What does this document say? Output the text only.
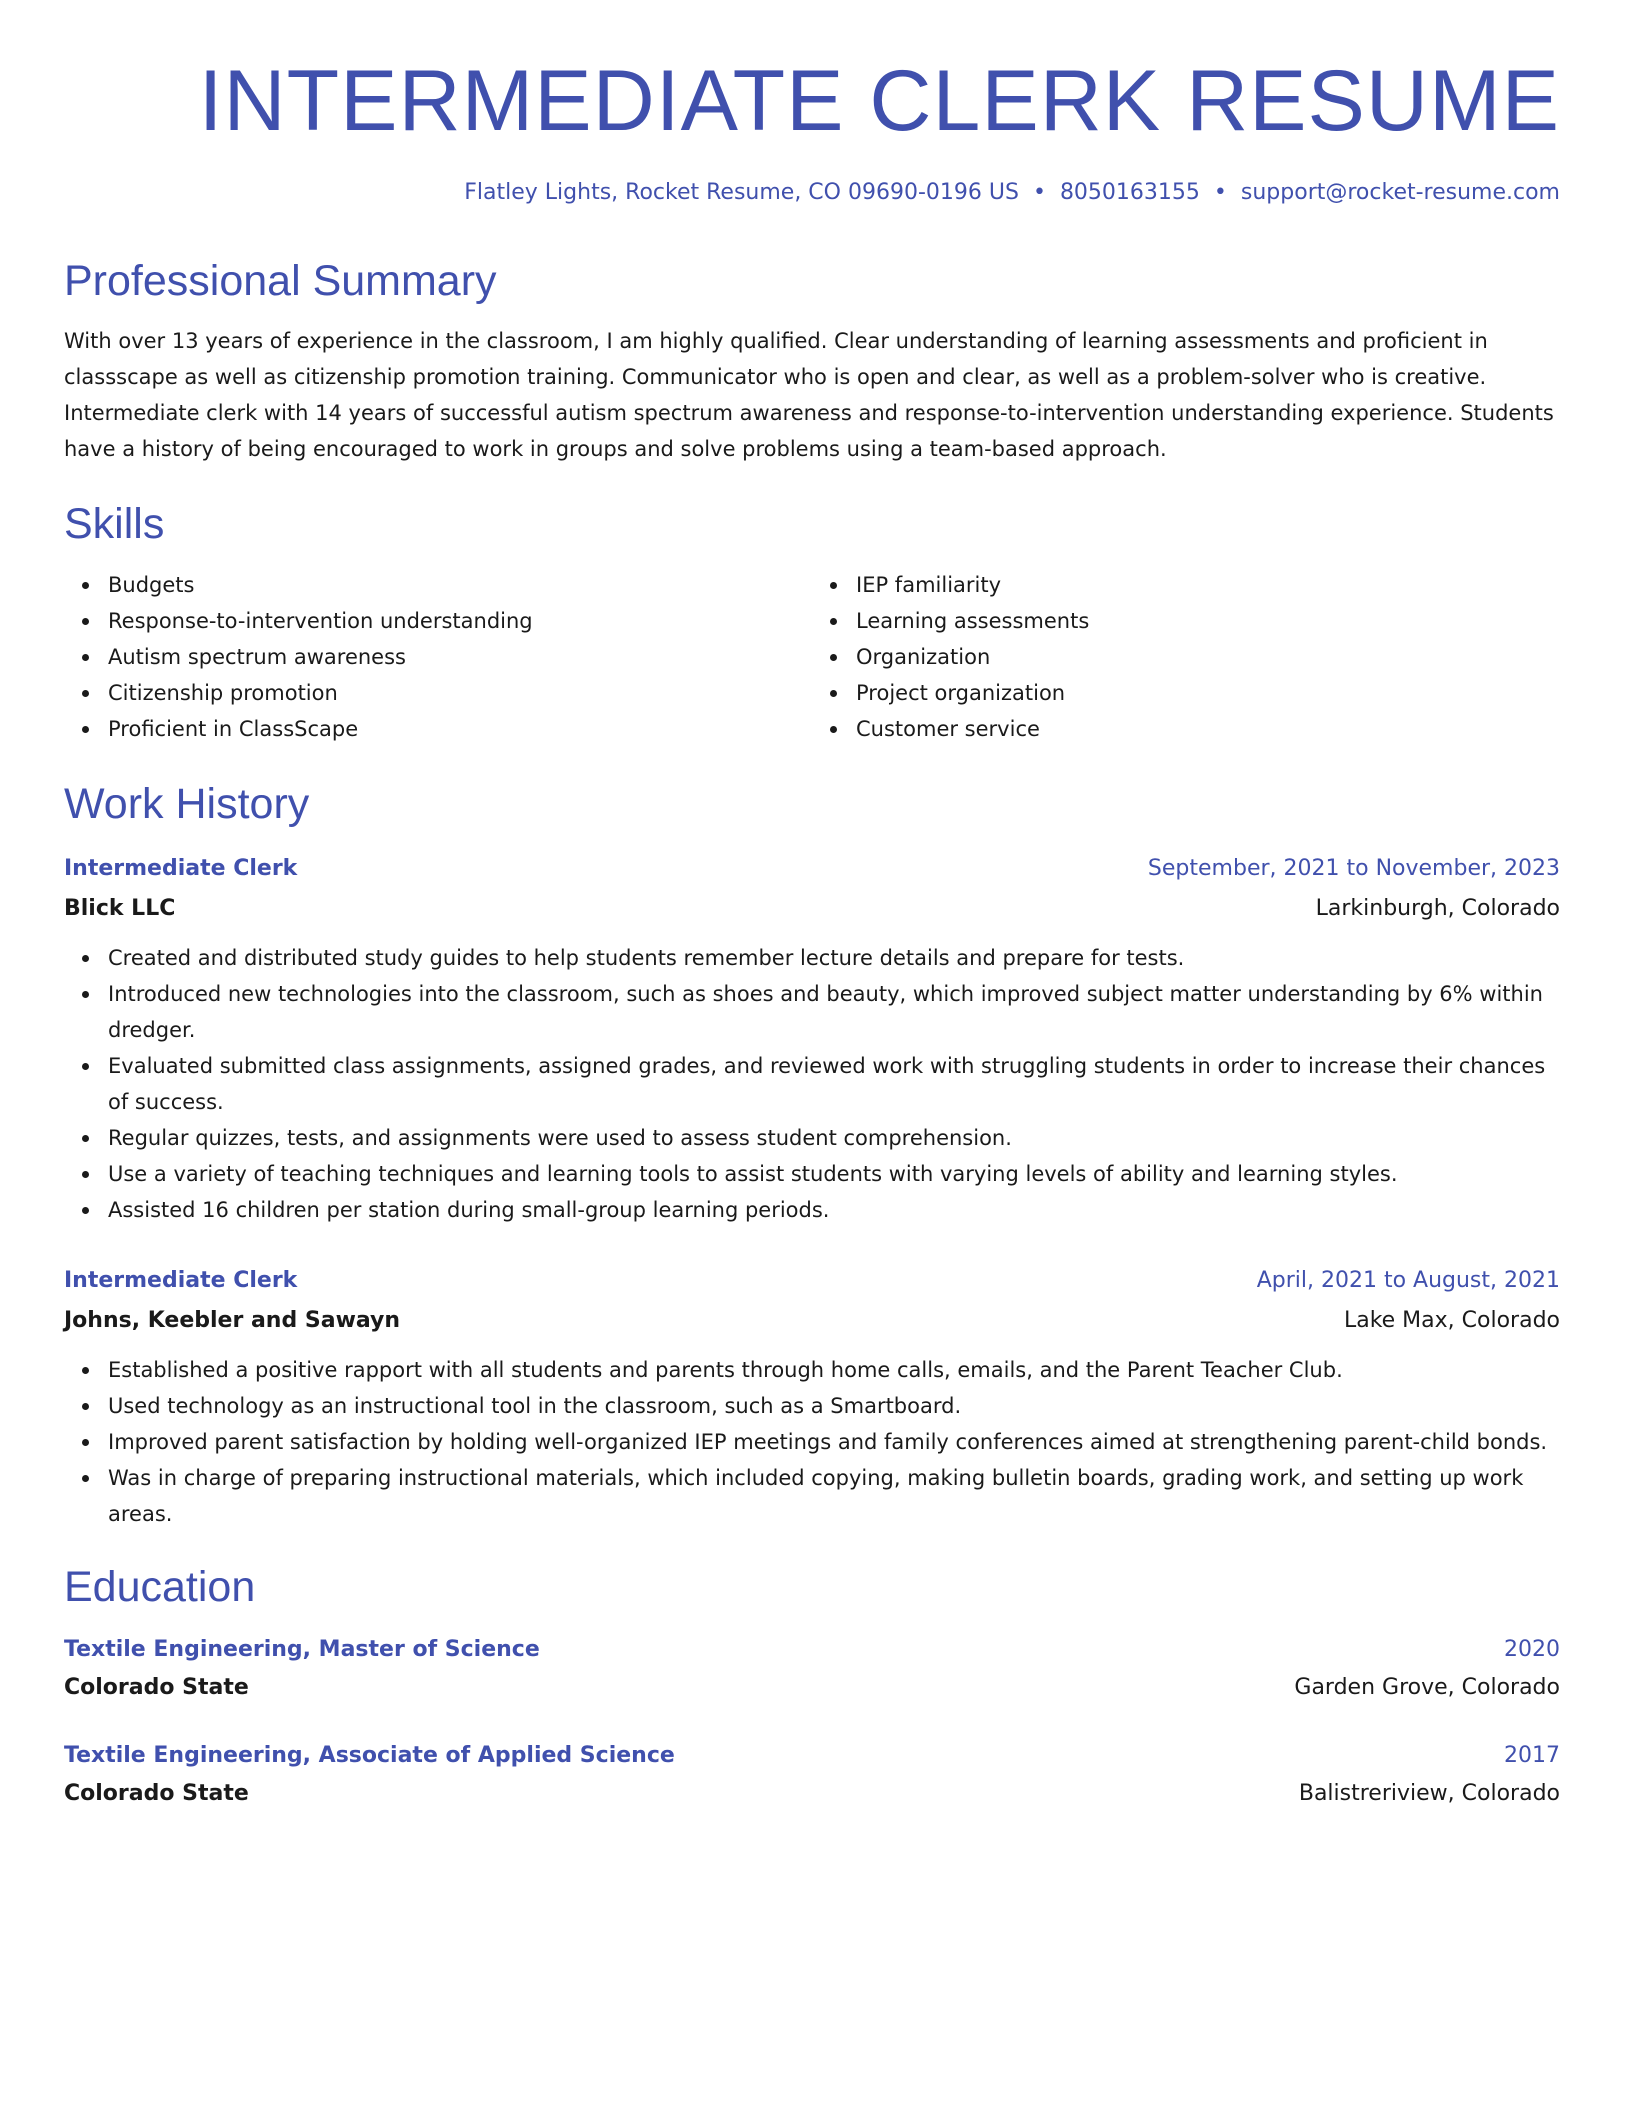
INTERMEDIATE CLERK RESUME
Flatley Lights, Rocket Resume, CO 09690-0196 US • 8050163155 • support@rocket-resume.com
Professional Summary

With over 13 years of experience in the classroom, I am highly qualified. Clear understanding of learning assessments and proficient in classscape as well as citizenship promotion training. Communicator who is open and clear, as well as a problem-solver who is creative. Intermediate clerk with 14 years of successful autism spectrum awareness and response-to-intervention understanding experience. Students have a history of being encouraged to work in groups and solve problems using a team-based approach.

Skills
Budgets
Response-to-intervention understanding
Autism spectrum awareness
Citizenship promotion
Proficient in ClassScape
IEP familiarity
Learning assessments
Organization
Project organization
Customer service
Work History
Intermediate Clerk	September, 2021 to November, 2023
Blick LLC	Larkinburgh, Colorado
Created and distributed study guides to help students remember lecture details and prepare for tests.
Introduced new technologies into the classroom, such as shoes and beauty, which improved subject matter understanding by 6% within dredger.
Evaluated submitted class assignments, assigned grades, and reviewed work with struggling students in order to increase their chances of success.
Regular quizzes, tests, and assignments were used to assess student comprehension.
Use a variety of teaching techniques and learning tools to assist students with varying levels of ability and learning styles.
Assisted 16 children per station during small-group learning periods.
Intermediate Clerk	April, 2021 to August, 2021
Johns, Keebler and Sawayn	Lake Max, Colorado
Established a positive rapport with all students and parents through home calls, emails, and the Parent Teacher Club.
Used technology as an instructional tool in the classroom, such as a Smartboard.
Improved parent satisfaction by holding well-organized IEP meetings and family conferences aimed at strengthening parent-child bonds.
Was in charge of preparing instructional materials, which included copying, making bulletin boards, grading work, and setting up work areas.
Education
Textile Engineering, Master of Science	2020
Colorado State	Garden Grove, Colorado
Textile Engineering, Associate of Applied Science	2017
Colorado State	Balistreriview, Colorado
